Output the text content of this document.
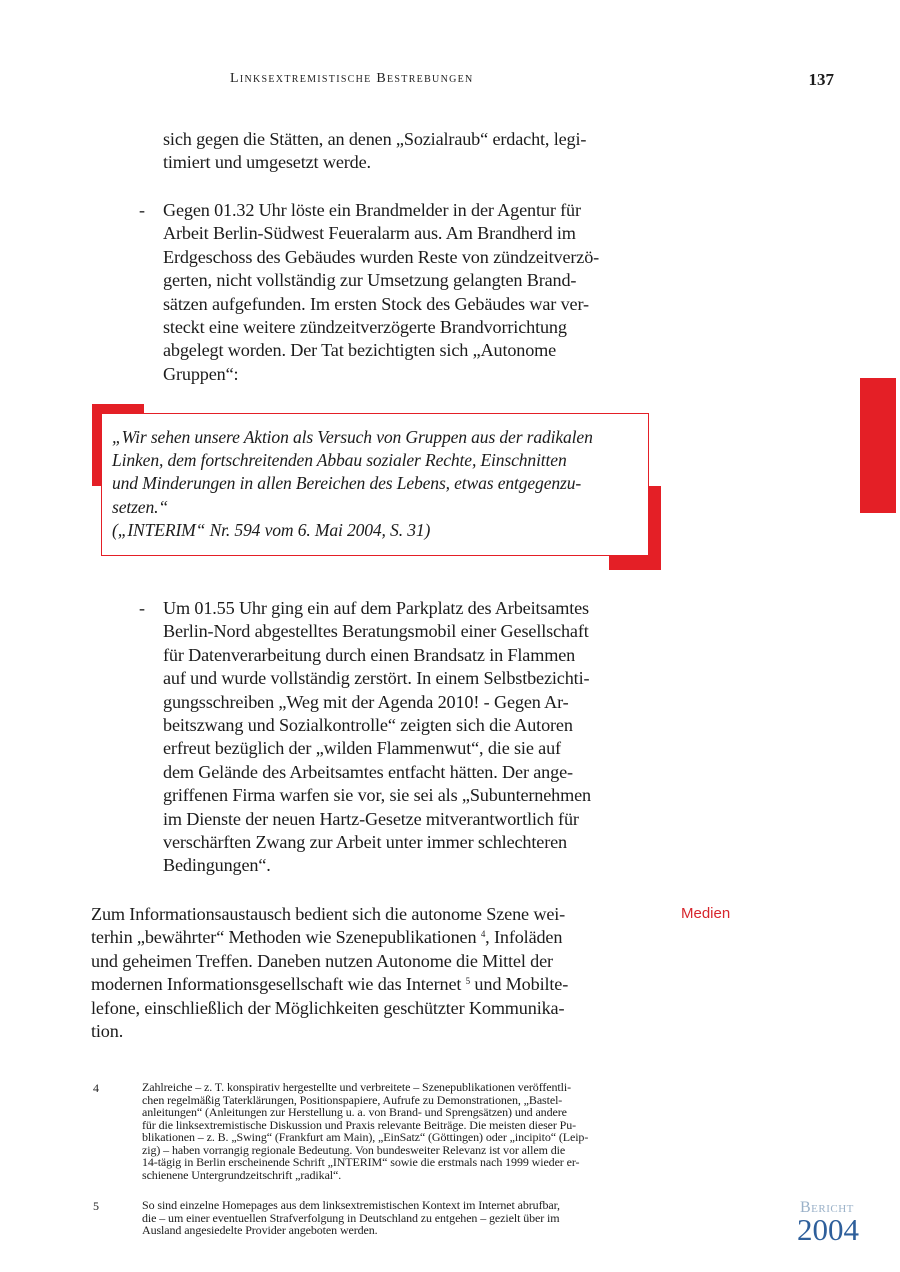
Linksextremistische Bestrebungen	137

sich gegen die Stätten, an denen „Sozialraub“ erdacht, legi-
timiert und umgesetzt werde.

- Gegen 01.32 Uhr löste ein Brandmelder in der Agentur für
Arbeit Berlin-Südwest Feueralarm aus. Am Brandherd im
Erdgeschoss des Gebäudes wurden Reste von zündzeitverzö-
gerten, nicht vollständig zur Umsetzung gelangten Brand-
sätzen aufgefunden. Im ersten Stock des Gebäudes war ver-
steckt eine weitere zündzeitverzögerte Brandvorrichtung
abgelegt worden. Der Tat bezichtigten sich „Autonome
Gruppen“:

„Wir sehen unsere Aktion als Versuch von Gruppen aus der radikalen
Linken, dem fortschreitenden Abbau sozialer Rechte, Einschnitten
und Minderungen in allen Bereichen des Lebens, etwas entgegenzu-
setzen.“
(„INTERIM“ Nr. 594 vom 6. Mai 2004, S. 31)

- Um 01.55 Uhr ging ein auf dem Parkplatz des Arbeitsamtes
Berlin-Nord abgestelltes Beratungsmobil einer Gesellschaft
für Datenverarbeitung durch einen Brandsatz in Flammen
auf und wurde vollständig zerstört. In einem Selbstbezichti-
gungsschreiben „Weg mit der Agenda 2010! - Gegen Ar-
beitszwang und Sozialkontrolle“ zeigten sich die Autoren
erfreut bezüglich der „wilden Flammenwut“, die sie auf
dem Gelände des Arbeitsamtes entfacht hätten. Der ange-
griffenen Firma warfen sie vor, sie sei als „Subunternehmen
im Dienste der neuen Hartz-Gesetze mitverantwortlich für
verschärften Zwang zur Arbeit unter immer schlechteren
Bedingungen“.

Medien

Zum Informationsaustausch bedient sich die autonome Szene wei-
terhin „bewährter“ Methoden wie Szenepublikationen $^4$, Infoläden
und geheimen Treffen. Daneben nutzen Autonome die Mittel der
modernen Informationsgesellschaft wie das Internet $^5$ und Mobilte-
lefone, einschließlich der Möglichkeiten geschützter Kommunika-
tion.

4	Zahlreiche – z. T. konspirativ hergestellte und verbreitete – Szenepublikationen veröffentli-
chen regelmäßig Taterklärungen, Positionspapiere, Aufrufe zu Demonstrationen, „Bastel-
anleitungen“ (Anleitungen zur Herstellung u. a. von Brand- und Sprengsätzen) und andere
für die linksextremistische Diskussion und Praxis relevante Beiträge. Die meisten dieser Pu-
blikationen – z. B. „Swing“ (Frankfurt am Main), „EinSatz“ (Göttingen) oder „incipito“ (Leip-
zig) – haben vorrangig regionale Bedeutung. Von bundesweiter Relevanz ist vor allem die
14-tägig in Berlin erscheinende Schrift „INTERIM“ sowie die erstmals nach 1999 wieder er-
schienene Untergrundzeitschrift „radikal“.

5	So sind einzelne Homepages aus dem linksextremistischen Kontext im Internet abrufbar,
die – um einer eventuellen Strafverfolgung in Deutschland zu entgehen – gezielt über im
Ausland angesiedelte Provider angeboten werden.

Bericht
2004
